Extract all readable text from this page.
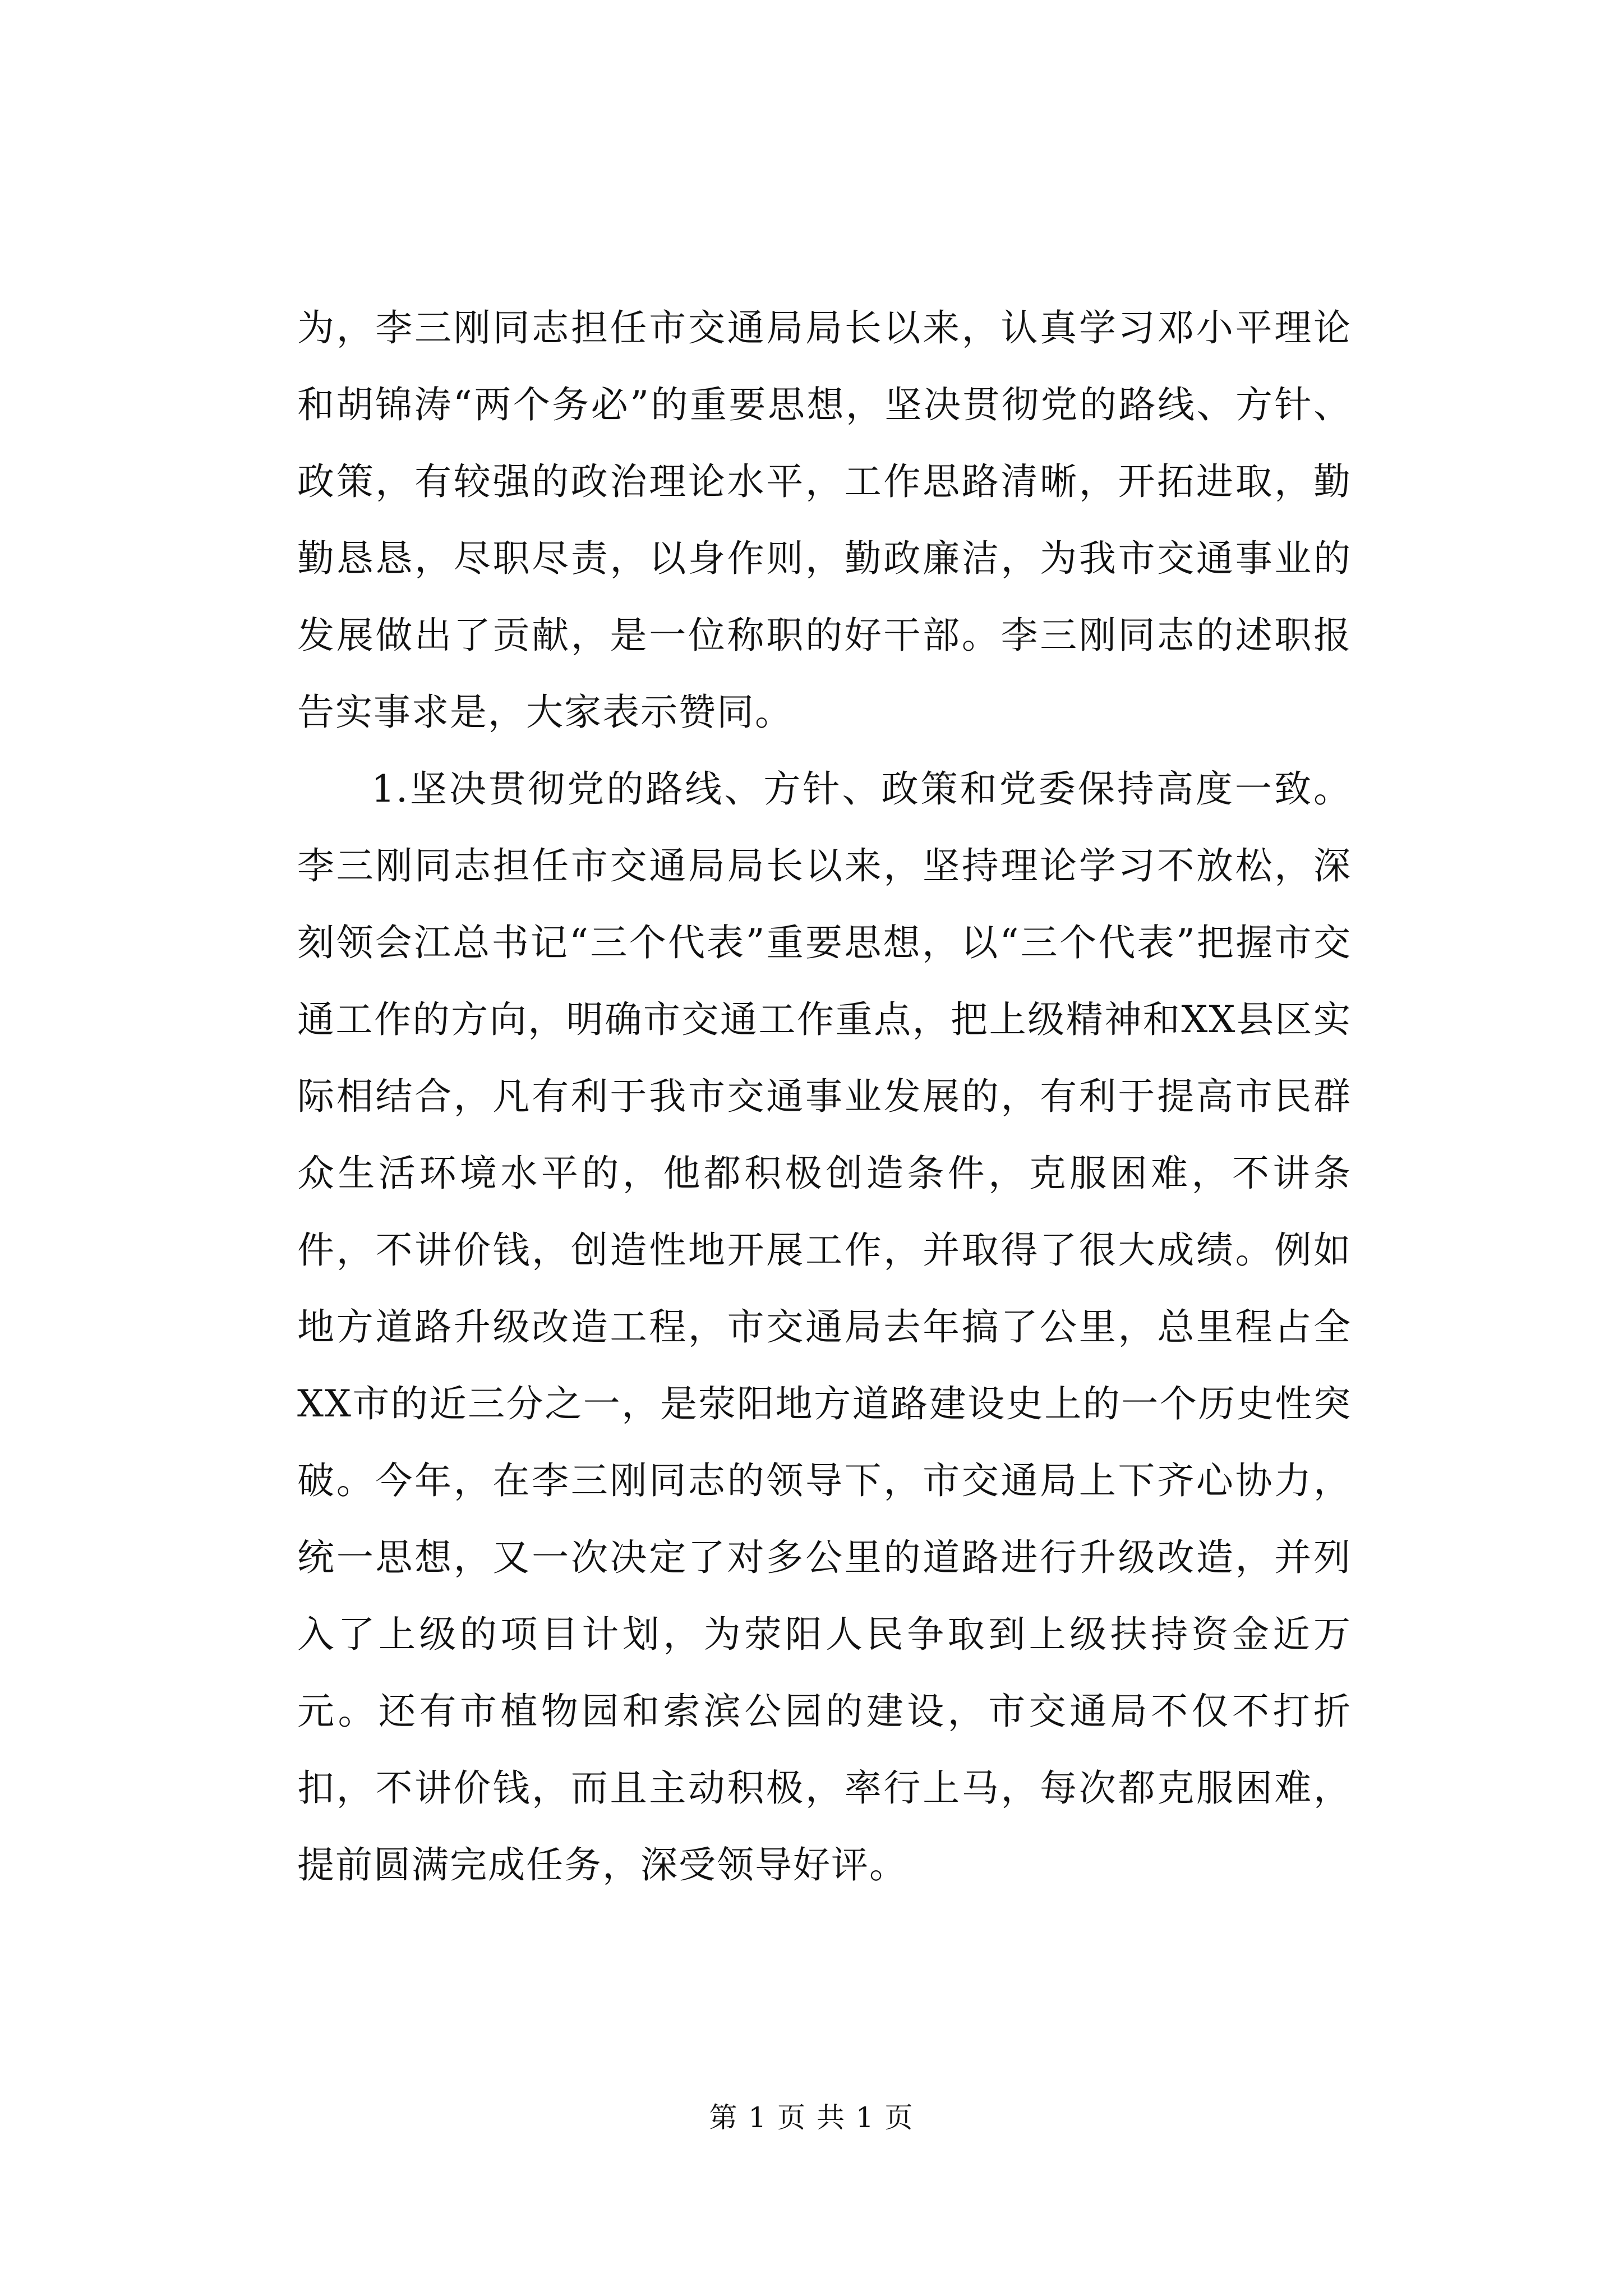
为，李三刚同志担任市交通局局长以来，认真学习邓小平理论和胡锦涛“两个务必”的重要思想，坚决贯彻党的路线、方针、政策，有较强的政治理论水平，工作思路清晰，开拓进取，勤勤恳恳，尽职尽责，以身作则，勤政廉洁，为我市交通事业的发展做出了贡献，是一位称职的好干部。李三刚同志的述职报告实事求是，大家表示赞同。

1.坚决贯彻党的路线、方针、政策和党委保持高度一致。李三刚同志担任市交通局局长以来，坚持理论学习不放松，深刻领会江总书记“三个代表”重要思想，以“三个代表”把握市交通工作的方向，明确市交通工作重点，把上级精神和XX县区实际相结合，凡有利于我市交通事业发展的，有利于提高市民群众生活环境水平的，他都积极创造条件，克服困难，不讲条件，不讲价钱，创造性地开展工作，并取得了很大成绩。例如地方道路升级改造工程，市交通局去年搞了公里，总里程占全XX市的近三分之一，是荥阳地方道路建设史上的一个历史性突破。今年，在李三刚同志的领导下，市交通局上下齐心协力，统一思想，又一次决定了对多公里的道路进行升级改造，并列入了上级的项目计划，为荥阳人民争取到上级扶持资金近万元。还有市植物园和索滨公园的建设，市交通局不仅不打折扣，不讲价钱，而且主动积极，率行上马，每次都克服困难，提前圆满完成任务，深受领导好评。

第 1 页 共 1 页
